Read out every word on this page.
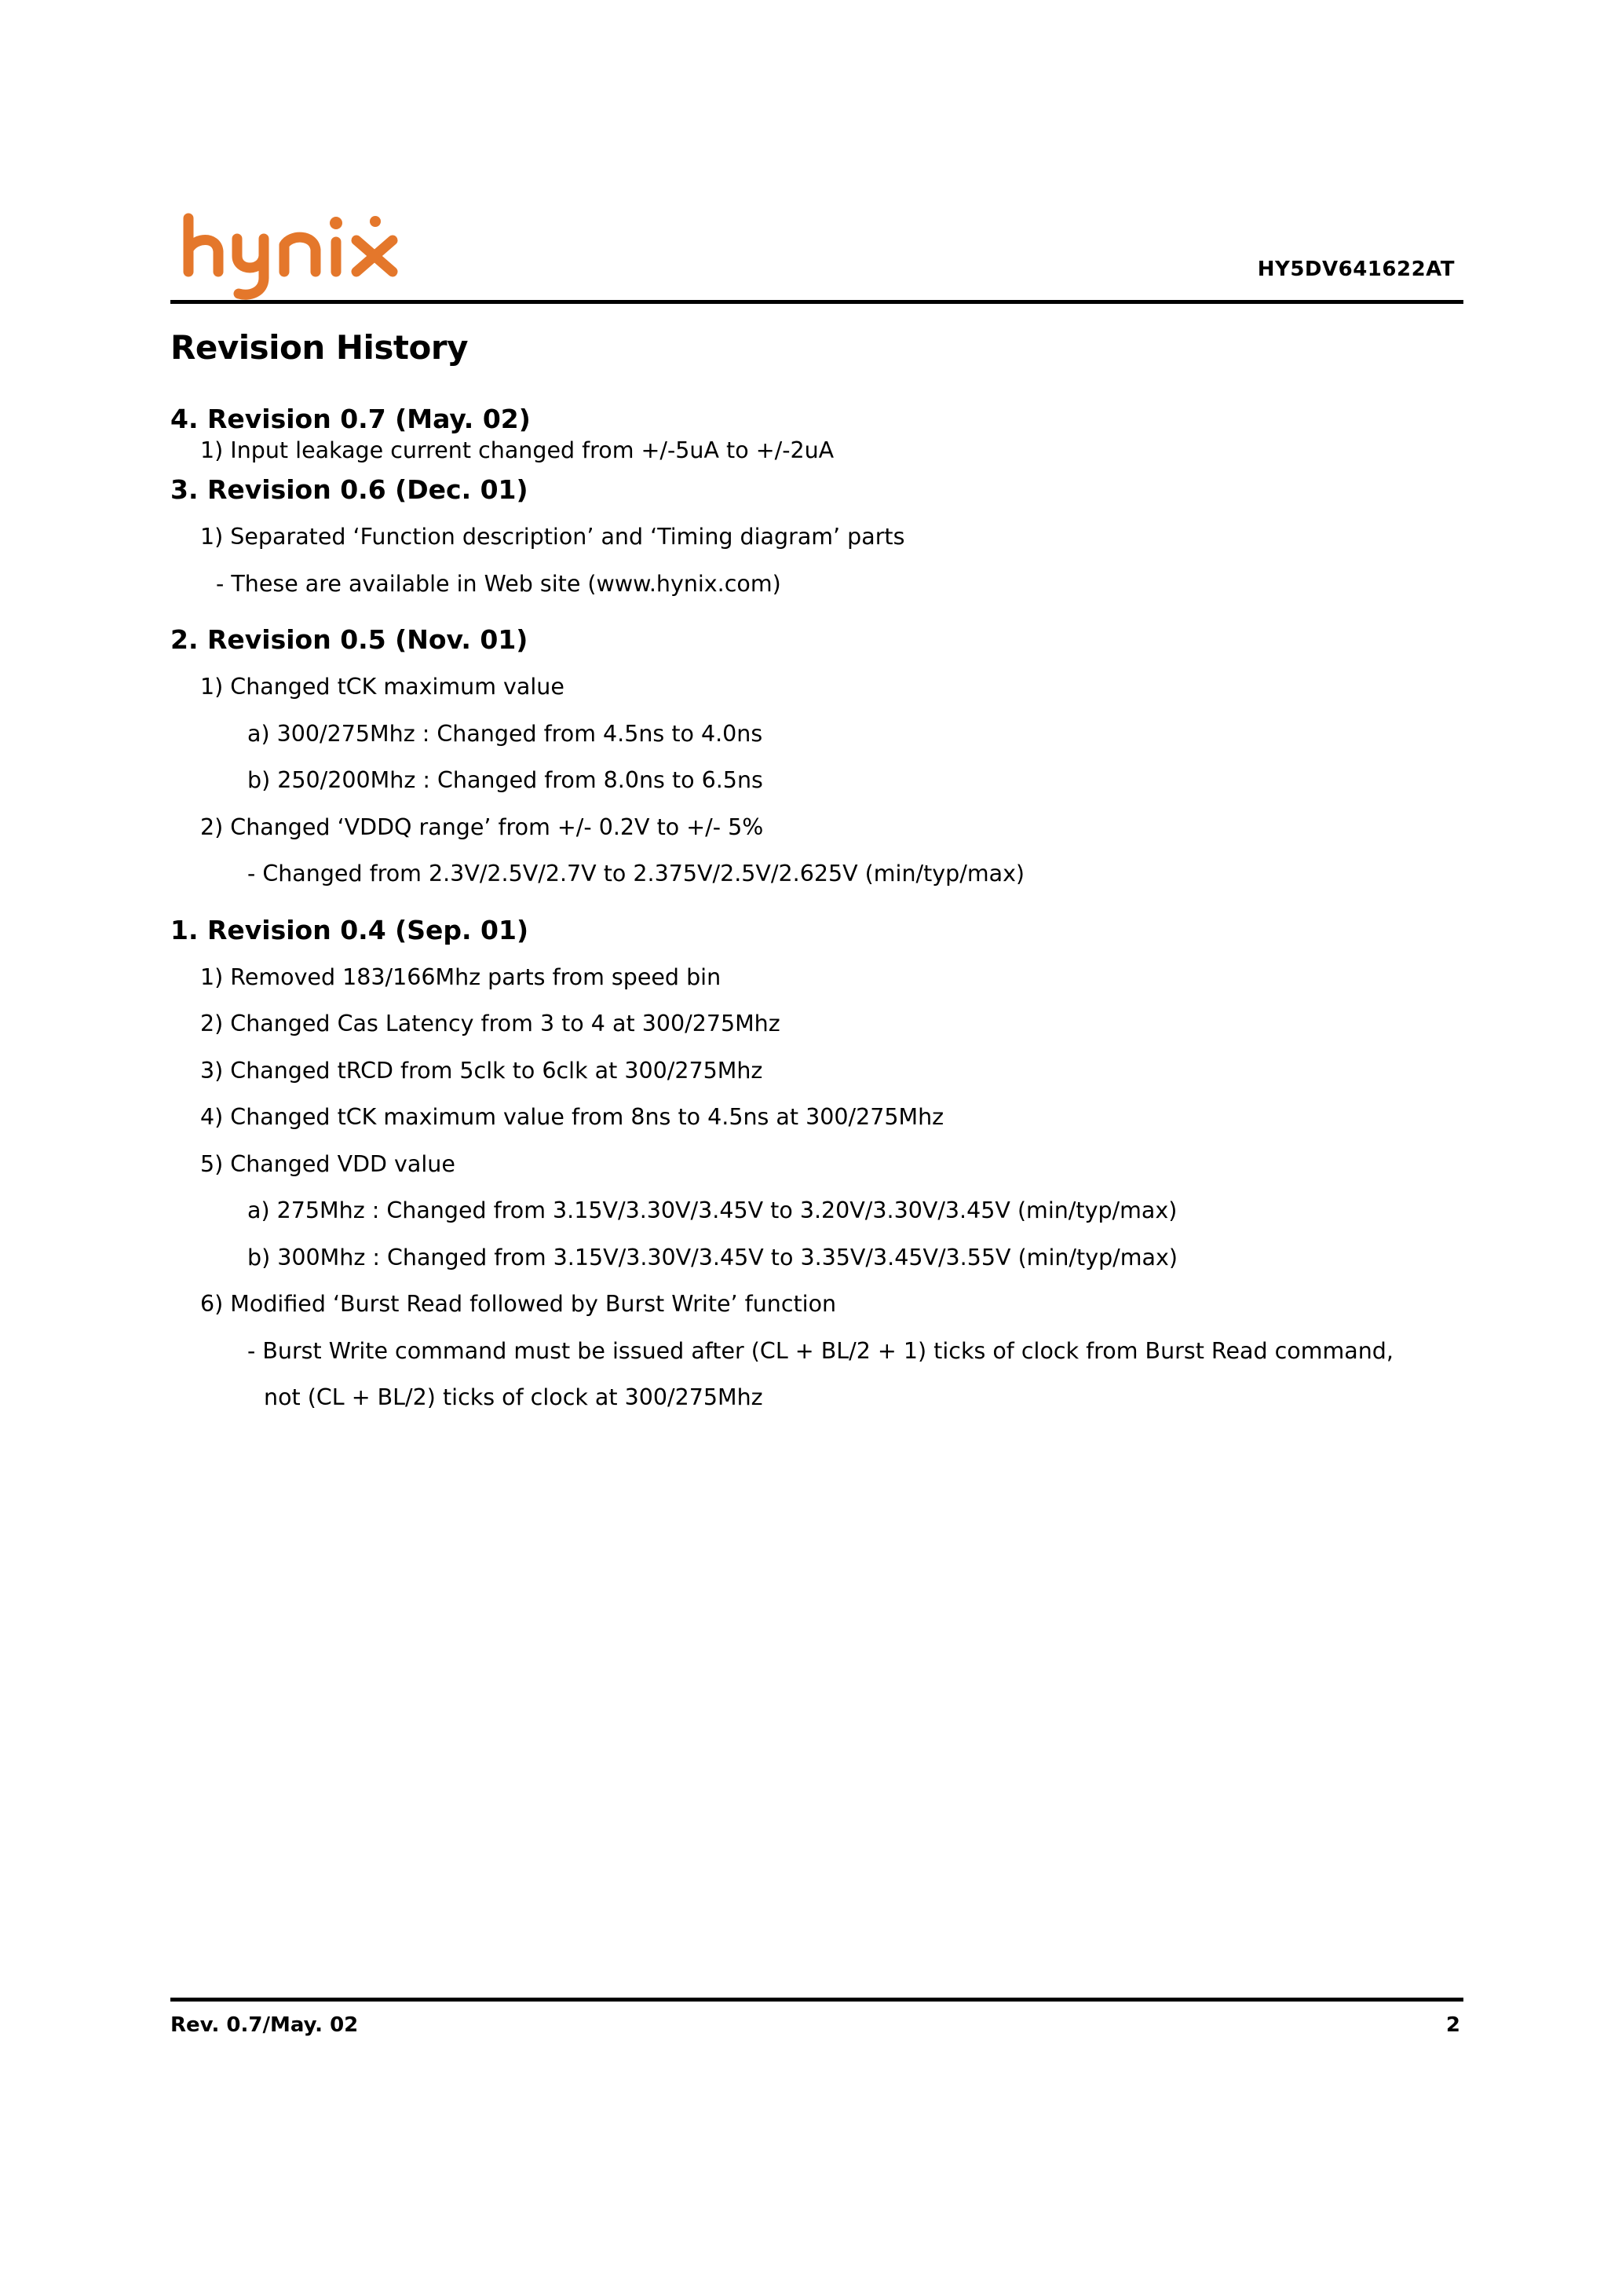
HY5DV641622AT
Revision History
4. Revision 0.7 (May. 02)
1) Input leakage current changed from +/-5uA to +/-2uA
3. Revision 0.6 (Dec. 01)
1) Separated ‘Function description’ and ‘Timing diagram’ parts
- These are available in Web site (www.hynix.com)
2. Revision 0.5 (Nov. 01)
1) Changed tCK maximum value
a) 300/275Mhz : Changed from 4.5ns to 4.0ns
b) 250/200Mhz : Changed from 8.0ns to 6.5ns
2) Changed ‘VDDQ range’ from +/- 0.2V to +/- 5%
- Changed from 2.3V/2.5V/2.7V to 2.375V/2.5V/2.625V (min/typ/max)
1. Revision 0.4 (Sep. 01)
1) Removed 183/166Mhz parts from speed bin
2) Changed Cas Latency from 3 to 4 at 300/275Mhz
3) Changed tRCD from 5clk to 6clk at 300/275Mhz
4) Changed tCK maximum value from 8ns to 4.5ns at 300/275Mhz
5) Changed VDD value
a) 275Mhz : Changed from 3.15V/3.30V/3.45V to 3.20V/3.30V/3.45V (min/typ/max)
b) 300Mhz : Changed from 3.15V/3.30V/3.45V to 3.35V/3.45V/3.55V (min/typ/max)
6) Modified ‘Burst Read followed by Burst Write’ function
- Burst Write command must be issued after (CL + BL/2 + 1) ticks of clock from Burst Read command,
not (CL + BL/2) ticks of clock at 300/275Mhz
Rev. 0.7/May. 02	2
